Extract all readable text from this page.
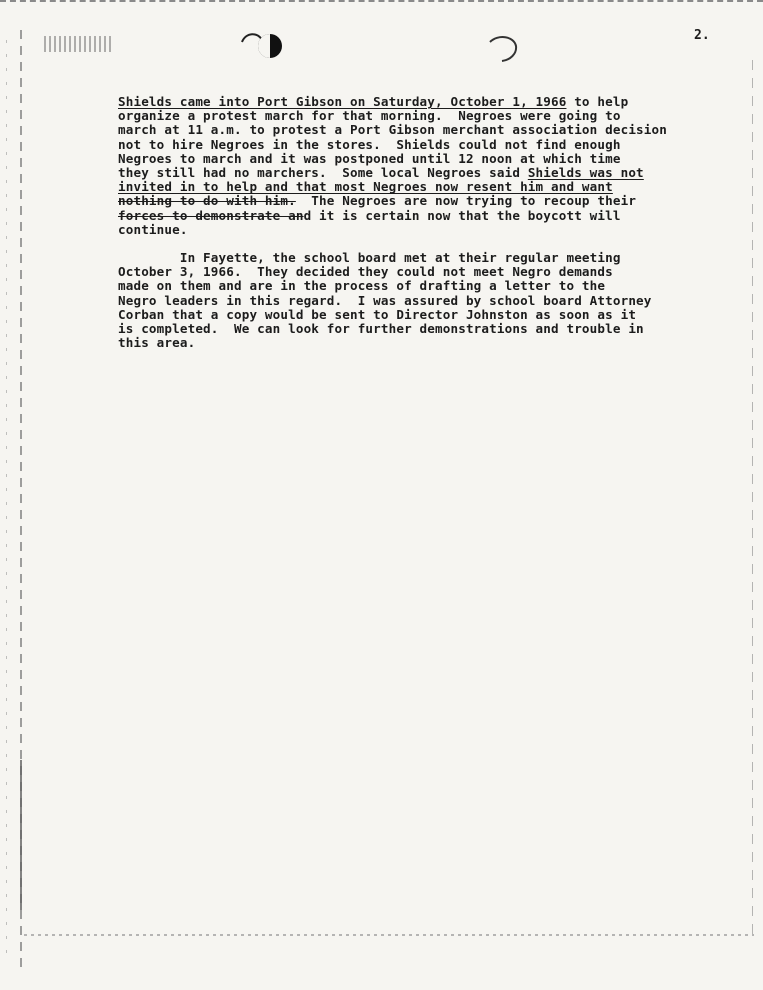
2.
Shields came into Port Gibson on Saturday, October 1, 1966 to help
organize a protest march for that morning.  Negroes were going to
march at 11 a.m. to protest a Port Gibson merchant association decision
not to hire Negroes in the stores.  Shields could not find enough
Negroes to march and it was postponed until 12 noon at which time
they still had no marchers.  Some local Negroes said Shields was not
invited in to help and that most Negroes now resent him and want
nothing to do with him.  The Negroes are now trying to recoup their
forces to demonstrate and it is certain now that the boycott will
continue.
In Fayette, the school board met at their regular meeting
October 3, 1966.  They decided they could not meet Negro demands
made on them and are in the process of drafting a letter to the
Negro leaders in this regard.  I was assured by school board Attorney
Corban that a copy would be sent to Director Johnston as soon as it
is completed.  We can look for further demonstrations and trouble in
this area.
